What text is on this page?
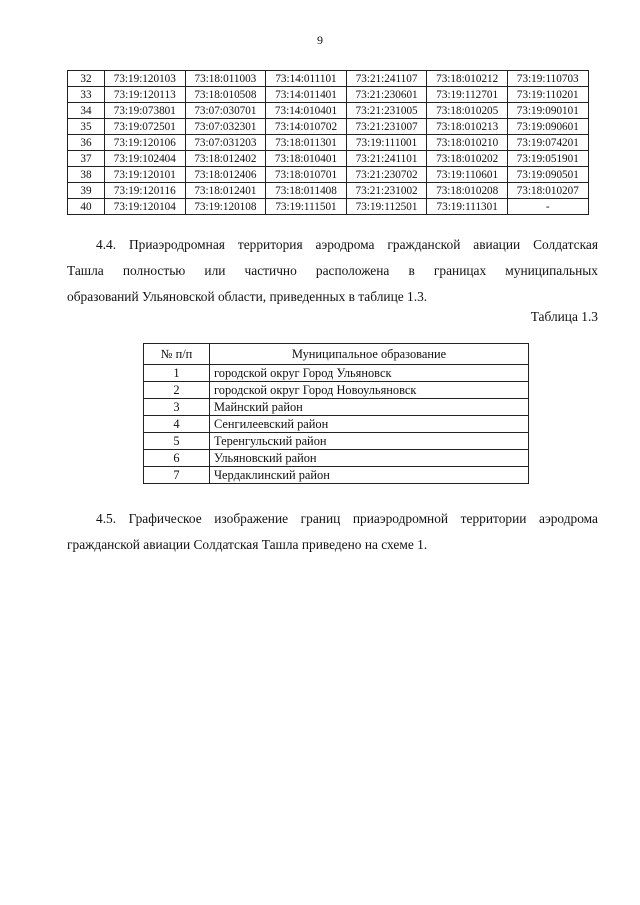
9
32	73:19:120103	73:18:011003	73:14:011101	73:21:241107	73:18:010212	73:19:110703
33	73:19:120113	73:18:010508	73:14:011401	73:21:230601	73:19:112701	73:19:110201
34	73:19:073801	73:07:030701	73:14:010401	73:21:231005	73:18:010205	73:19:090101
35	73:19:072501	73:07:032301	73:14:010702	73:21:231007	73:18:010213	73:19:090601
36	73:19:120106	73:07:031203	73:18:011301	73:19:111001	73:18:010210	73:19:074201
37	73:19:102404	73:18:012402	73:18:010401	73:21:241101	73:18:010202	73:19:051901
38	73:19:120101	73:18:012406	73:18:010701	73:21:230702	73:19:110601	73:19:090501
39	73:19:120116	73:18:012401	73:18:011408	73:21:231002	73:18:010208	73:18:010207
40	73:19:120104	73:19:120108	73:19:111501	73:19:112501	73:19:111301	-
4.4. Приаэродромная территория аэродрома гражданской авиации Солдатская
Ташла полностью или частично расположена в границах муниципальных
образований Ульяновской области, приведенных в таблице 1.3.
Таблица 1.3
№ п/п	Муниципальное образование
1	городской округ Город Ульяновск
2	городской округ Город Новоульяновск
3	Майнский район
4	Сенгилеевский район
5	Теренгульский район
6	Ульяновский район
7	Чердаклинский район
4.5. Графическое изображение границ приаэродромной территории аэродрома
гражданской авиации Солдатская Ташла приведено на схеме 1.
